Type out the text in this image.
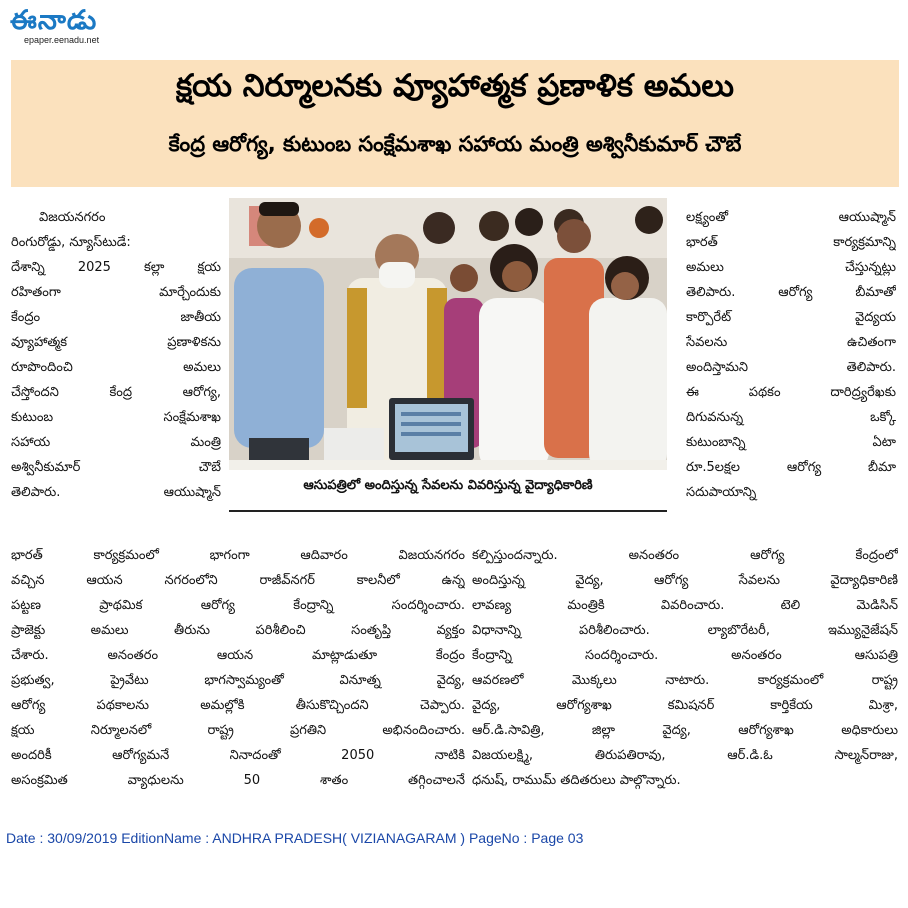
ఈనాడు
epaper.eenadu.net
క్షయ నిర్మూలనకు వ్యూహాత్మక ప్రణాళిక అమలు
కేంద్ర ఆరోగ్య, కుటుంబ సంక్షేమశాఖ సహాయ మంత్రి అశ్వినీకుమార్ చౌబే

విజయనగరం

రింగురోడ్డు, న్యూస్‌టుడే:

దేశాన్ని 2025 కల్లా క్షయ

రహితంగా మార్చేందుకు

కేంద్రం జాతీయ

వ్యూహాత్మక ప్రణాళికను

రూపొందించి అమలు

చేస్తోందని కేంద్ర ఆరోగ్య,

కుటుంబ సంక్షేమశాఖ

సహాయ మంత్రి

అశ్వినీకుమార్ చౌబే

తెలిపారు. ఆయుష్మాన్	ఆసుపత్రిలో అందిస్తున్న సేవలను వివరిస్తున్న వైద్యాధికారిణి

లక్ష్యంతో ఆయుష్మాన్

భారత్ కార్యక్రమాన్ని

అమలు చేస్తున్నట్లు

తెలిపారు. ఆరోగ్య బీమాతో

కార్పొరేట్ వైద్యయ

సేవలను ఉచితంగా

అందిస్తామని తెలిపారు.

ఈ పథకం దారిద్ర్యరేఖకు

దిగువనున్న ఒక్కో

కుటుంబాన్ని ఏటా

రూ.5లక్షల ఆరోగ్య బీమా

సదుపాయాన్ని

భారత్ కార్యక్రమంలో భాగంగా ఆదివారం విజయనగరం

వచ్చిన ఆయన నగరంలోని రాజీవ్‌నగర్ కాలనీలో ఉన్న

పట్టణ ప్రాథమిక ఆరోగ్య కేంద్రాన్ని సందర్శించారు.

ప్రాజెక్టు అమలు తీరును పరిశీలించి సంతృప్తి వ్యక్తం

చేశారు. అనంతరం ఆయన మాట్లాడుతూ కేంద్రం

ప్రభుత్వ, ప్రైవేటు భాగస్వామ్యంతో వినూత్న వైద్య,

ఆరోగ్య పథకాలను అమల్లోకి తీసుకొచ్చిందని చెప్పారు.

క్షయ నిర్మూలనలో రాష్ట్ర ప్రగతిని అభినందించారు.

అందరికీ ఆరోగ్యమనే నినాదంతో 2050 నాటికి

అసంక్రమిత వ్యాధులను 50 శాతం తగ్గించాలనే

కల్పిస్తుందన్నారు. అనంతరం ఆరోగ్య కేంద్రంలో

అందిస్తున్న వైద్య, ఆరోగ్య సేవలను వైద్యాధికారిణి

లావణ్య మంత్రికి వివరించారు. టెలి మెడిసిన్

విధానాన్ని పరిశీలించారు. ల్యాబొరేటరీ, ఇమ్యునైజేషన్

కేంద్రాన్ని సందర్శించారు. అనంతరం ఆసుపత్రి

ఆవరణలో మొక్కలు నాటారు. కార్యక్రమంలో రాష్ట్ర

వైద్య, ఆరోగ్యశాఖ కమిషనర్ కార్తికేయ మిశ్రా,

ఆర్.డి.సావిత్రి, జిల్లా వైద్య, ఆరోగ్యశాఖ అధికారులు

విజయలక్ష్మి, తిరుపతిరావు, ఆర్.డి.ఓ సాల్మన్‌రాజు,

ధనుష్, రాముమ్ తదితరులు పాల్గొన్నారు.

Date : 30/09/2019 EditionName : ANDHRA PRADESH( VIZIANAGARAM ) PageNo : Page 03
